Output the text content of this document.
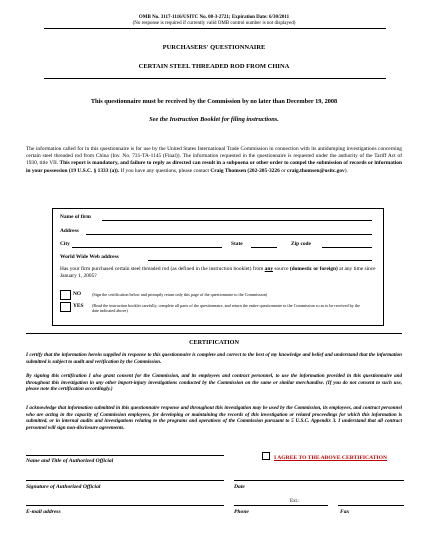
OMB No. 3117-1116/USITC No. 08-3-2721; Expiration Date: 6/30/2011
(No response is required if currently valid OMB control number is not displayed)
PURCHASERS' QUESTIONNAIRE
CERTAIN STEEL THREADED ROD FROM CHINA
This questionnaire must be received by the Commission by no later than December 19, 2008
See the Instruction Booklet for filing instructions.
The information called for in this questionnaire is for use by the United States International Trade Commission in connection with its antidumping investigations concerning certain steel threaded rod from China (Inv. No. 731-TA-1145 (Final)). The information requested in the questionnaire is requested under the authority of the Tariff Act of 1930, title VII. This report is mandatory, and failure to reply as directed can result in a subpoena or other order to compel the submission of records or information in your possession (19 U.S.C. § 1333 (a)). If you have any questions, please contact Craig Thomsen (202-205-3226 or craig.thomsen@usitc.gov).
Name of firm
Address
City	State	Zip code
World Wide Web address
Has your firm purchased certain steel threaded rod (as defined in the instruction booklet) from any source (domestic or foreign) at any time since January 1, 2005?
NO	(Sign the certification below and promptly return only this page of the questionnaire to the Commission)
YES (Read the instruction booklet carefully, complete all parts of the questionnaire, and return the entire questionnaire to the Commission so as to be received by the date indicated above)
CERTIFICATION
I certify that the information herein supplied in response to this questionnaire is complete and correct to the best of my knowledge and belief and understand that the information submitted is subject to audit and verification by the Commission.
By signing this certification I also grant consent for the Commission, and its employees and contract personnel, to use the information provided in this questionnaire and throughout this investigation in any other import-injury investigations conducted by the Commission on the same or similar merchandise. (If you do not consent to such use, please note the certification accordingly.)
I acknowledge that information submitted in this questionnaire response and throughout this investigation may be used by the Commission, its employees, and contract personnel who are acting in the capacity of Commission employees, for developing or maintaining the records of this investigation or related proceedings for which this information is submitted, or in internal audits and investigations relating to the programs and operations of the Commission pursuant to 5 U.S.C. Appendix 3. I understand that all contract personnel will sign non-disclosure agreements.
I AGREE TO THE ABOVE CERTIFICATION
Name and Title of Authorized Official
Signature of Authorized Official	Date
Ext.:
E-mail address	Phone	Fax
